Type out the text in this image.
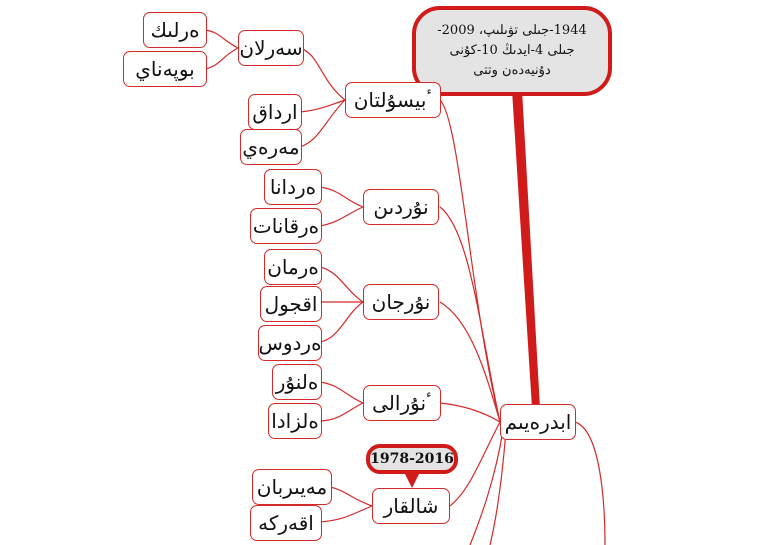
1944-جىلى تۋىلىپ، 2009-جىلى 4-ايدىڭ 10-كۇنى دۇنيەدەن وتتى
1978-2016
ابدرەيىم
ٴبيسۇلتان
نۇردىن
نۇرجان
ٴنۇرالى
شالقار
سەرلان
ارداق
مەرەي
ەرلىك
بوپەناي
ەردانا
ەرقانات
ەرمان
اقجول
ەردوس
ەلنۇر
ەلزادا
مەيىربان
اقەركە
